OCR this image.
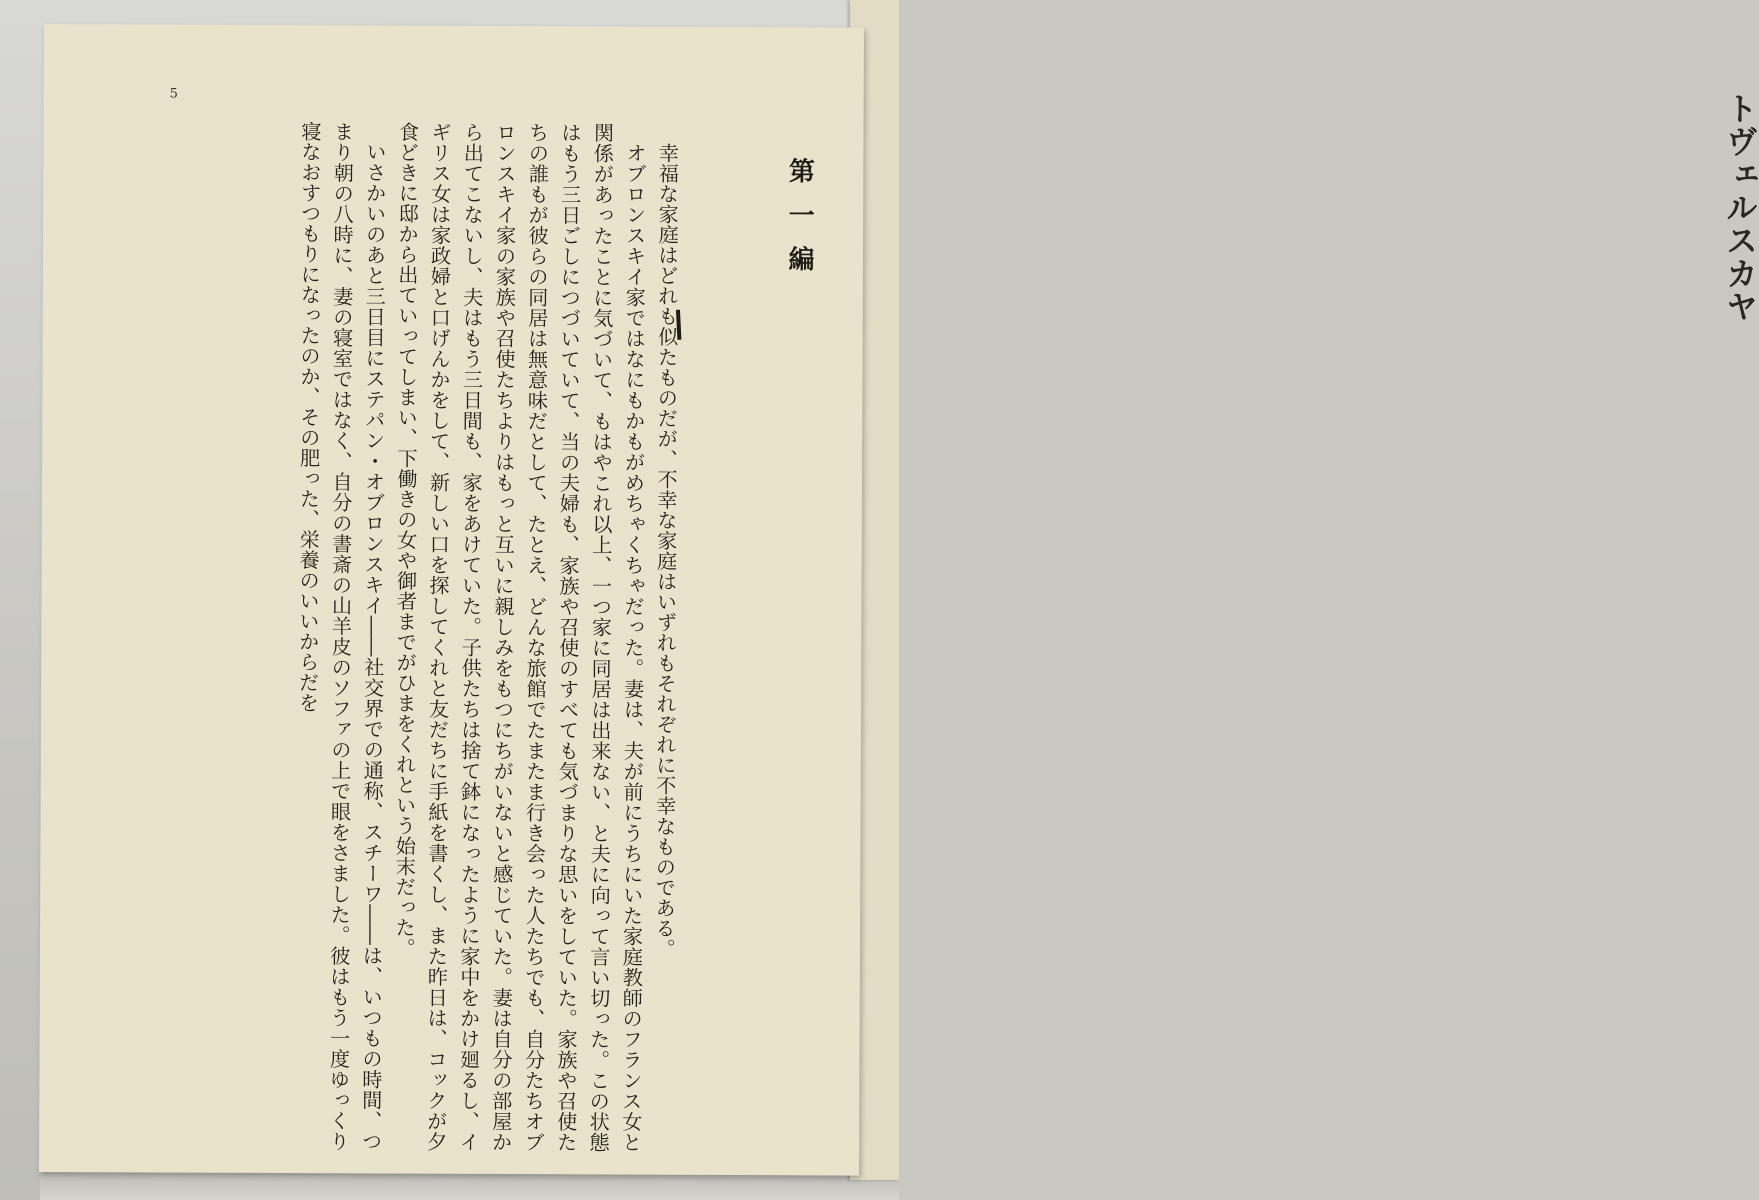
トヴェルスカヤ
5

第一編

幸福な家庭はどれも似たものだが、不幸な家庭はいずれもそれぞれに不幸なものである。

オブロンスキイ家ではなにもかもがめちゃくちゃだった。妻は、夫が前にうちにいた家庭教師のフランス女と関係があったことに気づいて、もはやこれ以上、一つ家に同居は出来ない、と夫に向って言い切った。この状態はもう三日ごしにつづいていて、当の夫婦も、家族や召使のすべても気づまりな思いをしていた。家族や召使たちの誰もが彼らの同居は無意味だとして、たとえ、どんな旅館でたまたま行き会った人たちでも、自分たちオブロンスキイ家の家族や召使たちよりはもっと互いに親しみをもつにちがいないと感じていた。妻は自分の部屋から出てこないし、夫はもう三日間も、家をあけていた。子供たちは捨て鉢になったように家中をかけ廻るし、イギリス女は家政婦と口げんかをして、新しい口を探してくれと友だちに手紙を書くし、また昨日は、コックが夕食どきに邸から出ていってしまい、下働きの女や御者までがひまをくれという始末だった。

いさかいのあと三日目にステパン・オブロンスキイ――社交界での通称、スチーワ――は、いつもの時間、つまり朝の八時に、妻の寝室ではなく、自分の書斎の山羊皮のソファの上で眼をさました。彼はもう一度ゆっくり寝なおすつもりになったのか、その肥った、栄養のいいからだを
